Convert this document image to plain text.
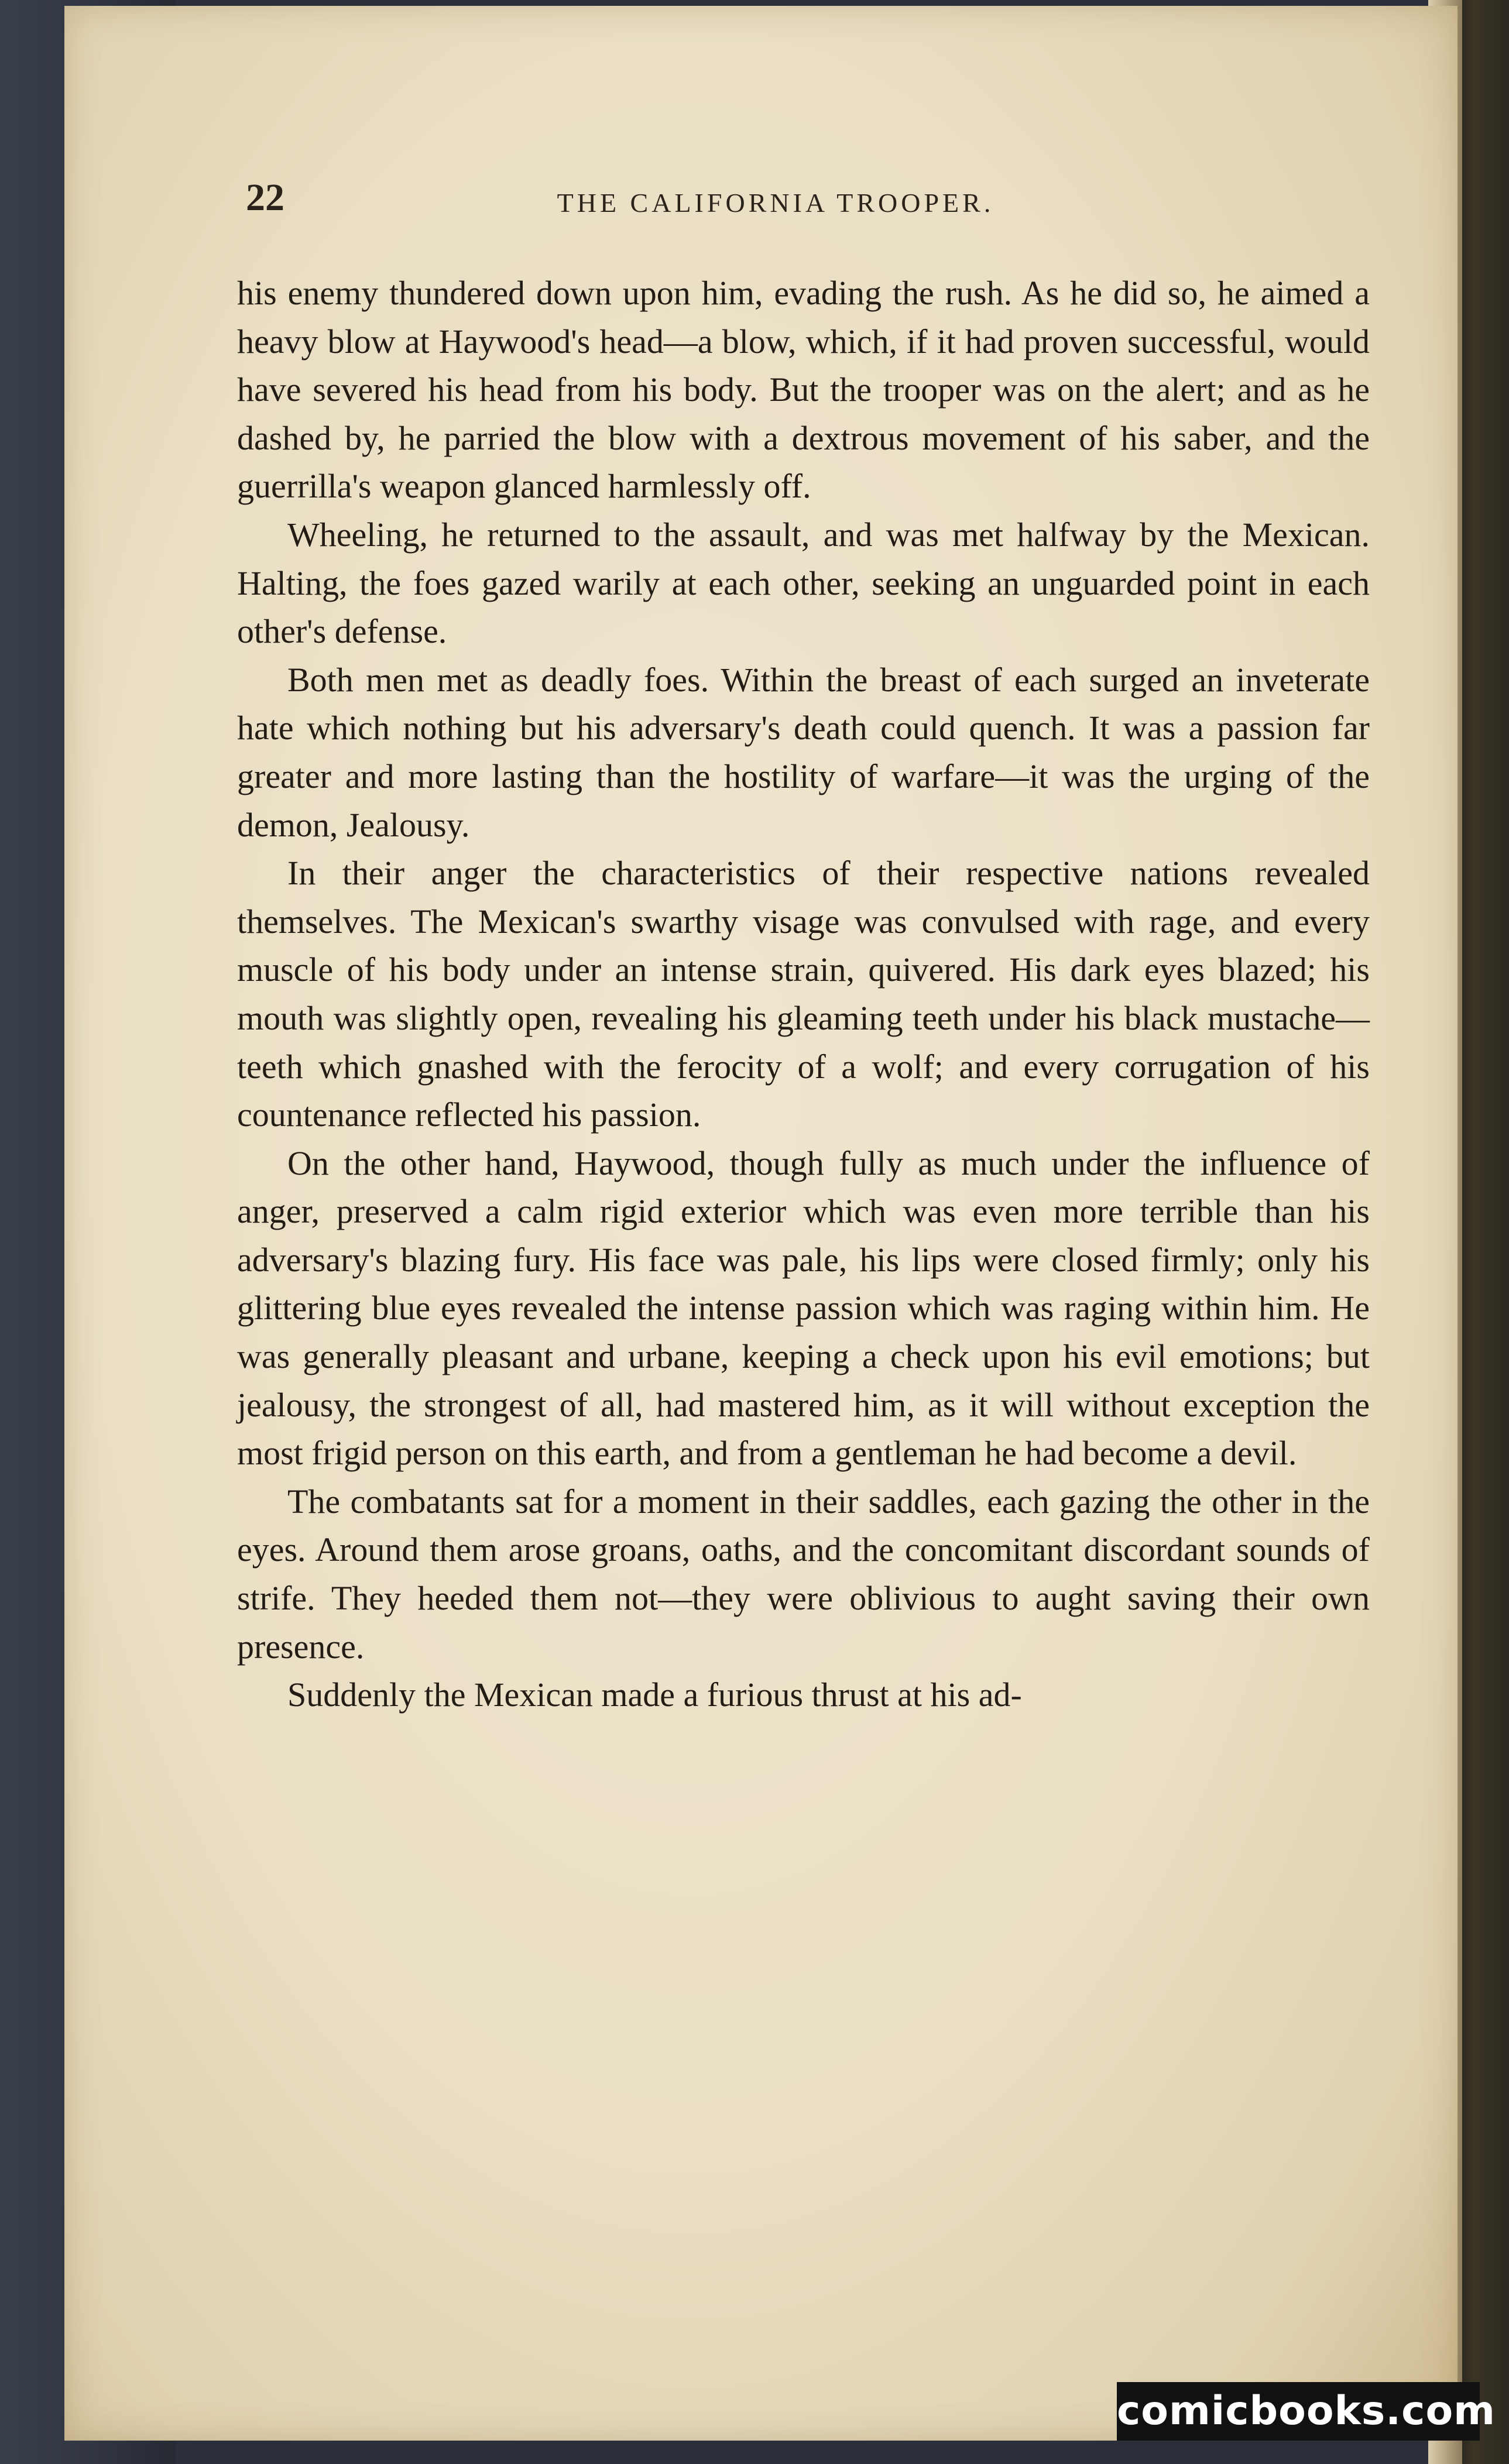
22	THE CALIFORNIA TROOPER.

his enemy thundered down upon him, evading the rush. As he did so, he aimed a heavy blow at Haywood's head—a blow, which, if it had proven successful, would have severed his head from his body. But the trooper was on the alert; and as he dashed by, he parried the blow with a dextrous movement of his saber, and the guerrilla's weapon glanced harmlessly off.

Wheeling, he returned to the assault, and was met halfway by the Mexican. Halting, the foes gazed warily at each other, seeking an unguarded point in each other's defense.

Both men met as deadly foes. Within the breast of each surged an inveterate hate which nothing but his adversary's death could quench. It was a passion far greater and more lasting than the hostility of warfare—it was the urging of the demon, Jealousy.

In their anger the characteristics of their respective nations revealed themselves. The Mexican's swarthy visage was convulsed with rage, and every muscle of his body under an intense strain, quivered. His dark eyes blazed; his mouth was slightly open, revealing his gleaming teeth under his black mustache—teeth which gnashed with the ferocity of a wolf; and every corrugation of his countenance reflected his passion.

On the other hand, Haywood, though fully as much under the influence of anger, preserved a calm rigid exterior which was even more terrible than his adversary's blazing fury. His face was pale, his lips were closed firmly; only his glittering blue eyes revealed the intense passion which was raging within him. He was generally pleasant and urbane, keeping a check upon his evil emotions; but jealousy, the strongest of all, had mastered him, as it will without exception the most frigid person on this earth, and from a gentleman he had become a devil.

The combatants sat for a moment in their saddles, each gazing the other in the eyes. Around them arose groans, oaths, and the concomitant discordant sounds of strife. They heeded them not—they were oblivious to aught saving their own presence.

Suddenly the Mexican made a furious thrust at his ad-

comicbooks.com
